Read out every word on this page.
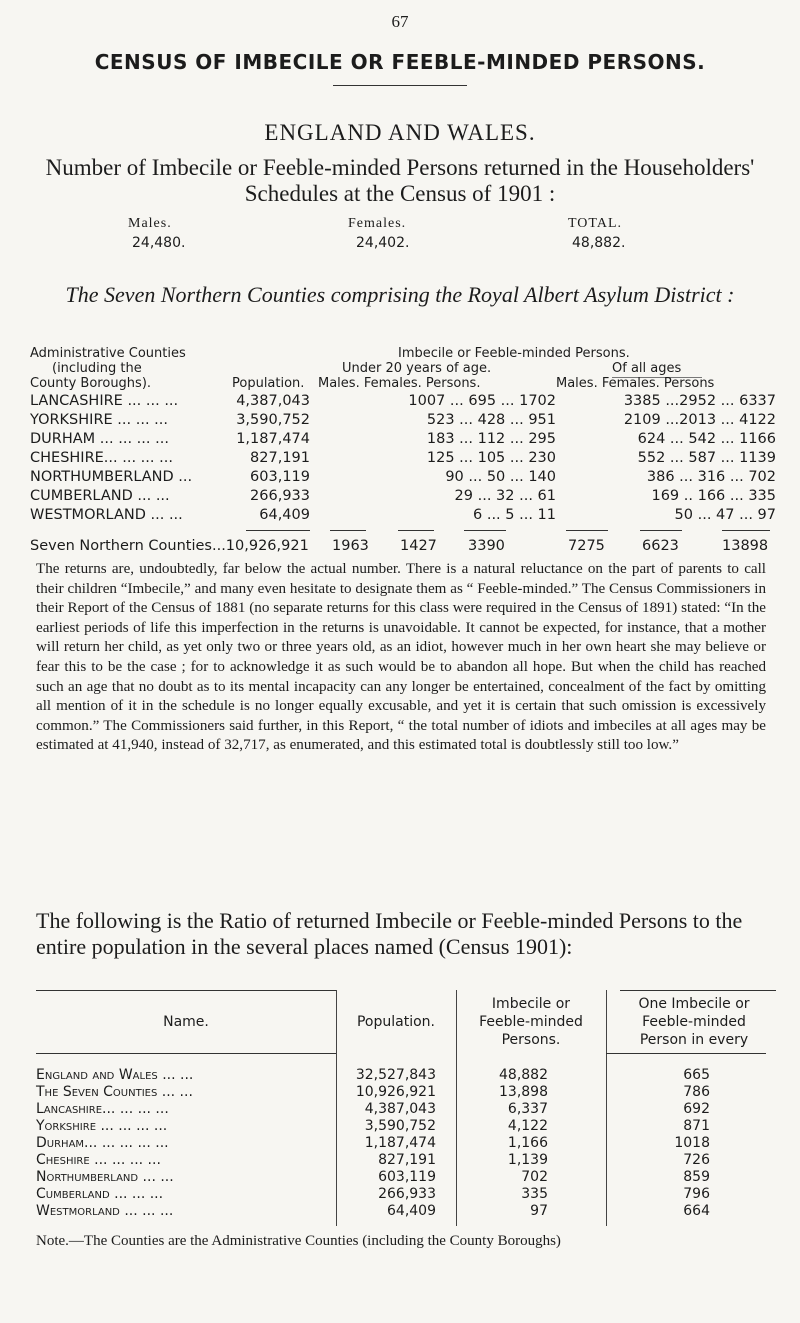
67
CENSUS OF IMBECILE OR FEEBLE-MINDED PERSONS.
ENGLAND AND WALES.
Number of Imbecile or Feeble-minded Persons returned in the Householders' Schedules at the Census of 1901 :
Males.
24,480.
Females.
24,402.
TOTAL.
48,882.
The Seven Northern Counties comprising the Royal Albert Asylum District :
Administrative Counties
(including the
County Boroughs).	Population.
Imbecile or Feeble-minded Persons.
Under 20 years of age.	Of all ages
Males. Females. Persons.	Males. Females. Persons
LANCASHIRE ... ... ...	4,387,043	1007 ... 695 ... 1702	3385 ...2952 ... 6337
YORKSHIRE ... ... ...	3,590,752	523 ... 428 ... 951	2109 ...2013 ... 4122
DURHAM ... ... ... ...	1,187,474	183 ... 112 ... 295	624 ... 542 ... 1166
CHESHIRE... ... ... ...	827,191	125 ... 105 ... 230	552 ... 587 ... 1139
NORTHUMBERLAND ...	603,119	90 ... 50 ... 140	386 ... 316 ... 702
CUMBERLAND ... ...	266,933	29 ... 32 ... 61	169 .. 166 ... 335
WESTMORLAND ... ...	64,409	6 ... 5 ... 11	50 ... 47 ... 97
Seven Northern Counties...10,926,921 1963 1427 3390	7275	6623	13898
The returns are, undoubtedly, far below the actual number. There is a natural reluctance on the part of parents to call their children “Imbecile,” and many even hesitate to designate them as “ Feeble-minded.” The Census Commissioners in their Report of the Census of 1881 (no separate returns for this class were required in the Census of 1891) stated: “In the earliest periods of life this imperfection in the returns is unavoidable. It cannot be expected, for instance, that a mother will return her child, as yet only two or three years old, as an idiot, however much in her own heart she may believe or fear this to be the case ; for to acknowledge it as such would be to abandon all hope. But when the child has reached such an age that no doubt as to its mental incapacity can any longer be entertained, concealment of the fact by omitting all mention of it in the schedule is no longer equally excusable, and yet it is certain that such omission is excessively common.” The Commissioners said further, in this Report, “ the total number of idiots and imbeciles at all ages may be estimated at 41,940, instead of 32,717, as enumerated, and this estimated total is doubtlessly still too low.”
The following is the Ratio of returned Imbecile or Feeble-minded Persons to the entire population in the several places named (Census 1901):
Name.	Population.
Imbecile or
Feeble-minded
Persons.
One Imbecile or
Feeble-minded
Person in every
England and Wales ... ...	32,527,843	48,882	665
The Seven Counties ... ...	10,926,921	13,898	786
Lancashire... ... ... ...	4,387,043	6,337	692
Yorkshire ... ... ... ...	3,590,752	4,122	871
Durham... ... ... ... ...	1,187,474	1,166	1018
Cheshire ... ... ... ...	827,191	1,139	726
Northumberland ... ...	603,119	702	859
Cumberland ... ... ...	266,933	335	796
Westmorland ... ... ...	64,409	97	664
Note.—The Counties are the Administrative Counties (including the County Boroughs)
